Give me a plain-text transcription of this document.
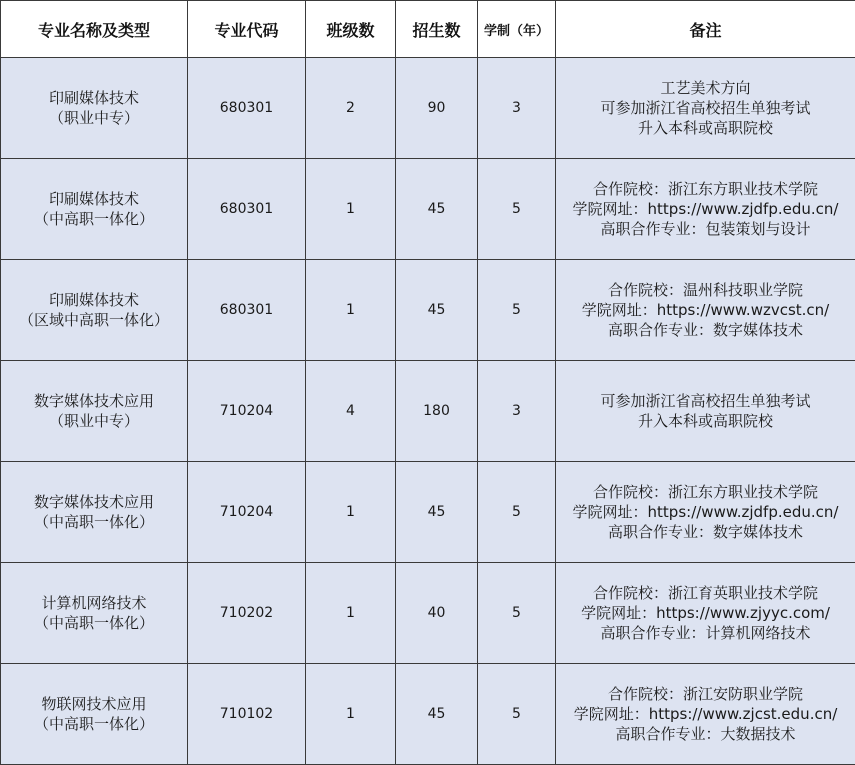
专业名称及类型	专业代码	班级数	招生数	学制（年）	备注

印刷媒体技术
（职业中专）	680301	2	90	3	工艺美术方向
可参加浙江省高校招生单独考试
升入本科或高职院校

印刷媒体技术
（中高职一体化）	680301	1	45	5	合作院校：浙江东方职业技术学院
学院网址：https://www.zjdfp.edu.cn/
高职合作专业：包装策划与设计

印刷媒体技术
（区域中高职一体化）	680301	1	45	5	合作院校：温州科技职业学院
学院网址：https://www.wzvcst.cn/
高职合作专业：数字媒体技术

数字媒体技术应用
（职业中专）	710204	4	180	3	可参加浙江省高校招生单独考试
升入本科或高职院校

数字媒体技术应用
（中高职一体化）	710204	1	45	5	合作院校：浙江东方职业技术学院
学院网址：https://www.zjdfp.edu.cn/
高职合作专业：数字媒体技术

计算机网络技术
（中高职一体化）	710202	1	40	5	合作院校：浙江育英职业技术学院
学院网址：https://www.zjyyc.com/
高职合作专业：计算机网络技术

物联网技术应用
（中高职一体化）	710102	1	45	5	合作院校：浙江安防职业学院
学院网址：https://www.zjcst.edu.cn/
高职合作专业：大数据技术
